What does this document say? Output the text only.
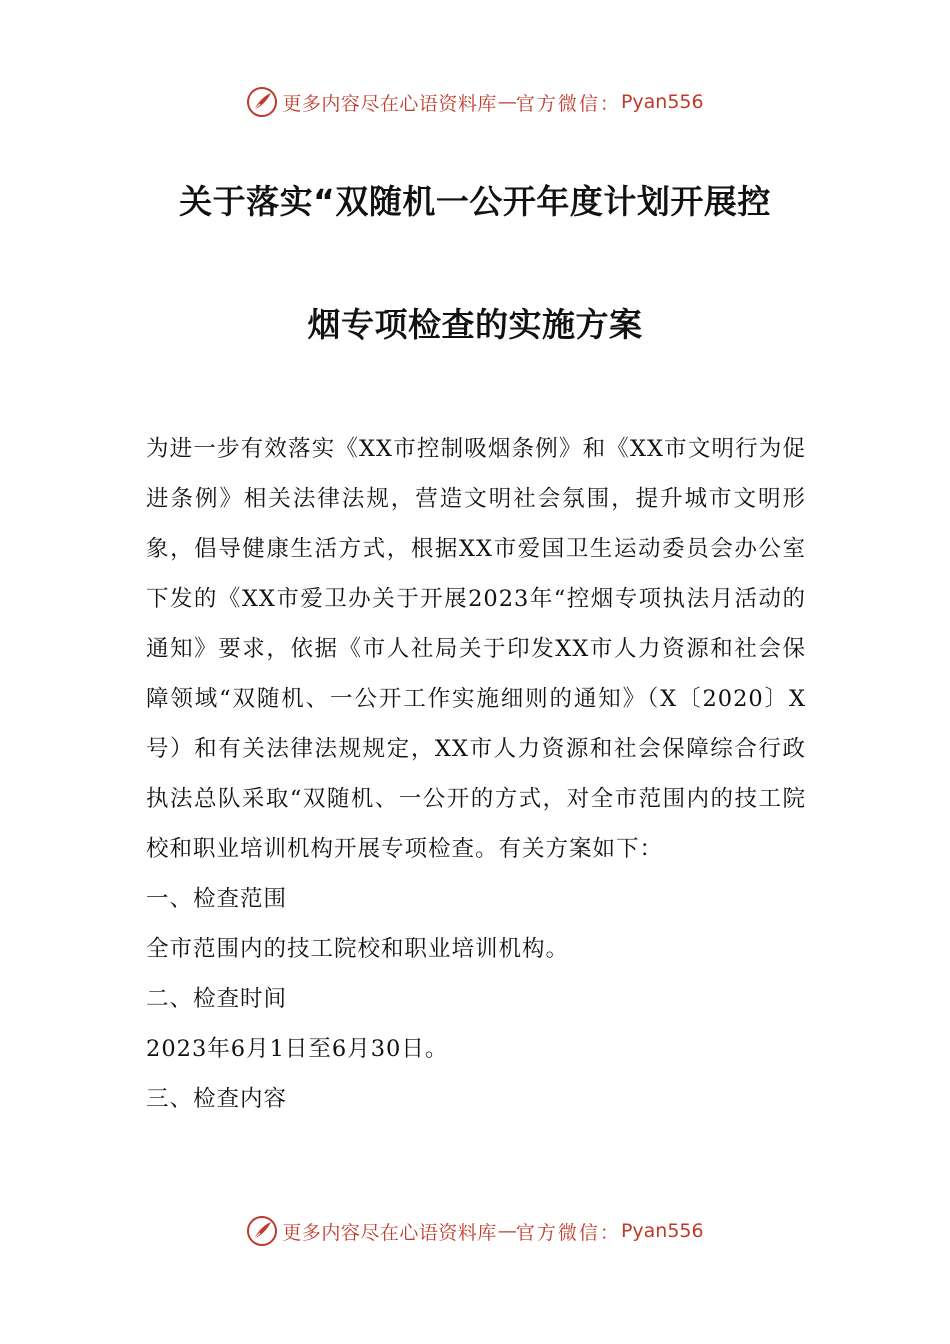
更多内容尽在心语资料库 — 官方微信： Pyan556
关于落实“双随机一公开年度计划开展控
烟专项检查的实施方案

为进一步有效落实《XX市控制吸烟条例》和《XX市文明行为促进条例》相关法律法规，营造文明社会氛围，提升城市文明形象，倡导健康生活方式，根据XX市爱国卫生运动委员会办公室下发的《XX市爱卫办关于开展2023年“控烟专项执法月活动的通知》要求，依据《市人社局关于印发XX市人力资源和社会保障领域“双随机、一公开工作实施细则的通知》（X〔2020〕X号）和有关法律法规规定，XX市人力资源和社会保障综合行政执法总队采取“双随机、一公开的方式，对全市范围内的技工院校和职业培训机构开展专项检查。有关方案如下：

一、检查范围

全市范围内的技工院校和职业培训机构。

二、检查时间

2023年6月1日至6月30日。

三、检查内容

更多内容尽在心语资料库 — 官方微信： Pyan556
